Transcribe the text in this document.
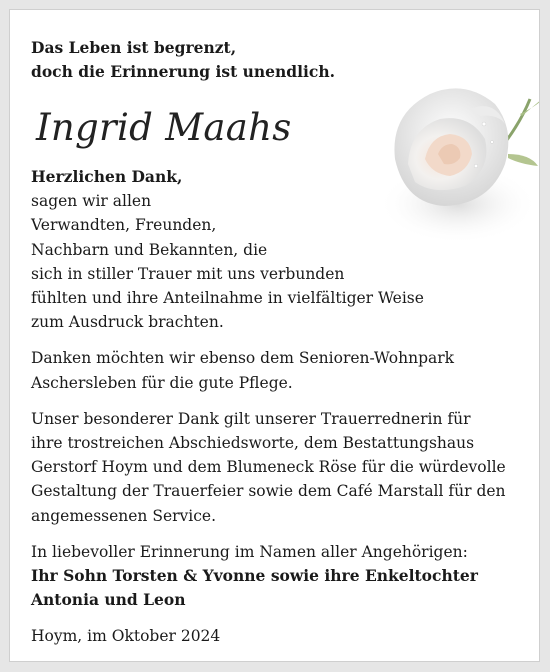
Das Leben ist begrenzt,
doch die Erinnerung ist unendlich.
Ingrid Maahs
Herzlichen Dank,
sagen wir allen
Verwandten, Freunden,
Nachbarn und Bekannten, die
sich in stiller Trauer mit uns verbunden
fühlten und ihre Anteilnahme in vielfältiger Weise
zum Ausdruck brachten.
Danken möchten wir ebenso dem Senioren-Wohnpark
Aschersleben für die gute Pflege.
Unser besonderer Dank gilt unserer Trauerrednerin für
ihre trostreichen Abschiedsworte, dem Bestattungshaus
Gerstorf Hoym und dem Blumeneck Röse für die würdevolle
Gestaltung der Trauerfeier sowie dem Café Marstall für den
angemessenen Service.
In liebevoller Erinnerung im Namen aller Angehörigen:
Ihr Sohn Torsten & Yvonne sowie ihre Enkeltochter
Antonia und Leon
Hoym, im Oktober 2024
